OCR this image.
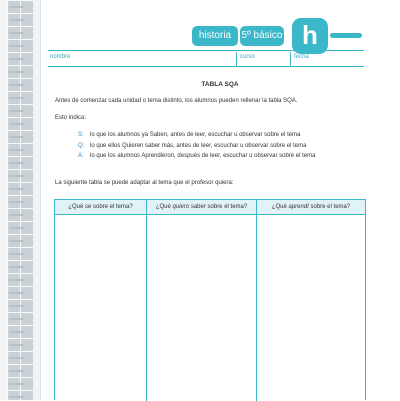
historia	5º básico h
nombre	curso	fecha
TABLA SQA
Antes de comenzar cada unidad o tema distinto, los alumnos pueden rellenar la tabla SQA.
Esto indica:
S: lo que los alumnos ya Saben, antes de leer, escuchar u observar sobre el tema
Q: lo que ellos Quieren saber más, antes de leer, escuchar u observar sobre el tema
A: lo que los alumnos Aprendieron, después de leer, escuchar u observar sobre el tema
La siguiente tabla se puede adaptar al tema que el profesor quiera:
¿Qué se sobre el tema?	¿Qué quiero saber sobre el tema?	¿Qué aprendí sobre el tema?
